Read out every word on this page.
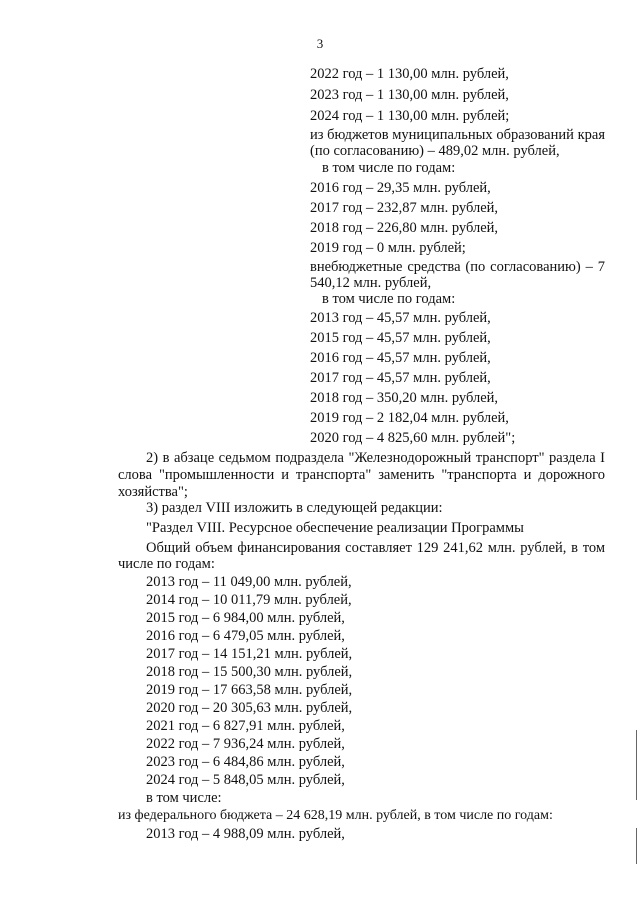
3
2022 год – 1 130,00 млн. рублей,
2023 год – 1 130,00 млн. рублей,
2024 год – 1 130,00 млн. рублей;
из бюджетов муниципальных образований края (по согласованию) – 489,02 млн. рублей,
в том числе по годам:
2016 год – 29,35 млн. рублей,
2017 год – 232,87 млн. рублей,
2018 год – 226,80 млн. рублей,
2019 год – 0 млн. рублей;
внебюджетные средства (по согласованию) – 7 540,12 млн. рублей,
в том числе по годам:
2013 год – 45,57 млн. рублей,
2015 год – 45,57 млн. рублей,
2016 год – 45,57 млн. рублей,
2017 год – 45,57 млн. рублей,
2018 год – 350,20 млн. рублей,
2019 год – 2 182,04 млн. рублей,
2020 год – 4 825,60 млн. рублей";
2) в абзаце седьмом подраздела "Железнодорожный транспорт" раздела I слова "промышленности и транспорта" заменить "транспорта и дорожного хозяйства";
3) раздел VIII изложить в следующей редакции:
"Раздел VIII. Ресурсное обеспечение реализации Программы
Общий объем финансирования составляет 129 241,62 млн. рублей, в том числе по годам:
2013 год – 11 049,00 млн. рублей,
2014 год – 10 011,79 млн. рублей,
2015 год – 6 984,00 млн. рублей,
2016 год – 6 479,05 млн. рублей,
2017 год – 14 151,21 млн. рублей,
2018 год – 15 500,30 млн. рублей,
2019 год – 17 663,58 млн. рублей,
2020 год – 20 305,63 млн. рублей,
2021 год – 6 827,91 млн. рублей,
2022 год – 7 936,24 млн. рублей,
2023 год – 6 484,86 млн. рублей,
2024 год – 5 848,05 млн. рублей,
в том числе:
из федерального бюджета – 24 628,19 млн. рублей, в том числе по годам:
2013 год – 4 988,09 млн. рублей,
